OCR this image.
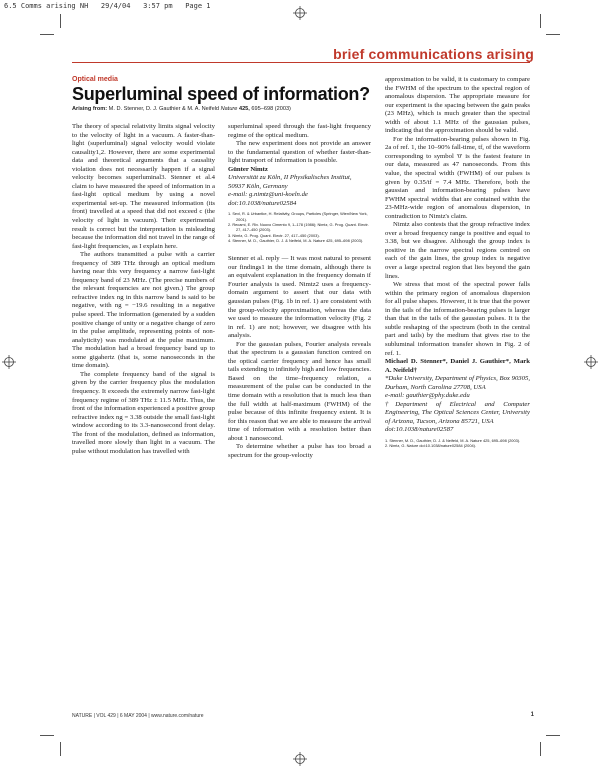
6.5 Comms arising NH   29/4/04   3:57 pm   Page 1
brief communications arising
Optical media
Superluminal speed of information?
Arising from: M. D. Stenner, D. J. Gauthier & M. A. Neifeld Nature 425, 695–698 (2003)

The theory of special relativity limits signal velocity to the velocity of light in a vacuum. A faster-than-light (superluminal) signal velocity would violate causality1,2. However, there are some experimental data and theoretical arguments that a causality violation does not necessarily happen if a signal velocity becomes superluminal3. Stenner et al.4 claim to have measured the speed of information in a fast-light optical medium by using a novel experimental set-up. The measured information (its front) travelled at a speed that did not exceed c (the velocity of light in vacuum). Their experimental result is correct but the interpretation is misleading because the information did not travel in the range of fast-light frequencies, as I explain here.

The authors transmitted a pulse with a carrier frequency of 389 THz through an optical medium having near this very frequency a narrow fast-light frequency band of 23 MHz. (The precise numbers of the relevant frequencies are not given.) The group refractive index ng in this narrow band is said to be negative, with ng = −19.6 resulting in a negative pulse speed. The information (generated by a sudden positive change of unity or a negative change of zero in the pulse amplitude, representing points of non-analyticity) was modulated at the pulse maximum. The modulation had a broad frequency band up to some gigahertz (that is, some nanoseconds in the time domain).

The complete frequency band of the signal is given by the carrier frequency plus the modulation frequency. It exceeds the extremely narrow fast-light frequency regime of 389 THz ± 11.5 MHz. Thus, the front of the information experienced a positive group refractive index ng = 3.38 outside the small fast-light window according to its 3.3-nanosecond front delay. The front of the modulation, defined as information, travelled more slowly than light in a vacuum. The pulse without modulation has travelled with

superluminal speed through the fast-light frequency regime of the optical medium.

The new experiment does not provide an answer to the fundamental question of whether faster-than-light transport of information is possible.

Günter Nimtz

Universität zu Köln, II Physikalisches Institut,

50937 Köln, Germany

e-mail: g.nimtz@uni-koeln.de

doi:10.1038/nature02584

1. Sexl, R. & Urbantke, H. Relativity, Groups, Particles (Springer, Wien/New York, 2001).
2. Recami, E. Riv. Nuovo Cimento 9, 1–178 (1986); Nimtz, G. Prog. Quant. Electr. 27, 417–450 (2003).
3. Nimtz, G. Prog. Quant. Electr. 27, 417–450 (2003).
4. Stenner, M. D., Gauthier, D. J. & Neifeld, M. A. Nature 425, 695–698 (2003).

Stenner et al. reply — It was most natural to present our findings1 in the time domain, although there is an equivalent explanation in the frequency domain if Fourier analysis is used. Nimtz2 uses a frequency-domain argument to assert that our data with gaussian pulses (Fig. 1b in ref. 1) are consistent with the group-velocity approximation, whereas the data we used to measure the information velocity (Fig. 2 in ref. 1) are not; however, we disagree with his analysis.

For the gaussian pulses, Fourier analysis reveals that the spectrum is a gaussian function centred on the optical carrier frequency and hence has small tails extending to infinitely high and low frequencies. Based on the time–frequency relation, a measurement of the pulse can be conducted in the time domain with a resolution that is much less than the full width at half-maximum (FWHM) of the pulse because of this infinite frequency extent. It is for this reason that we are able to measure the arrival time of information with a resolution better than about 1 nanosecond.

To determine whether a pulse has too broad a spectrum for the group-velocity

approximation to be valid, it is customary to compare the FWHM of the spectrum to the spectral region of anomalous dispersion. The appropriate measure for our experiment is the spacing between the gain peaks (23 MHz), which is much greater than the spectral width of about 1.1 MHz of the gaussian pulses, indicating that the approximation should be valid.

For the information-bearing pulses shown in Fig. 2a of ref. 1, the 10–90% fall-time, tf, of the waveform corresponding to symbol '0' is the fastest feature in our data, measured as 47 nanoseconds. From this value, the spectral width (FWHM) of our pulses is given by 0.35/tf = 7.4 MHz. Therefore, both the gaussian and information-bearing pulses have FWHM spectral widths that are contained within the 23-MHz-wide region of anomalous dispersion, in contradiction to Nimtz's claim.

Nimtz also contests that the group refractive index over a broad frequency range is positive and equal to 3.38, but we disagree. Although the group index is positive in the narrow spectral regions centred on each of the gain lines, the group index is negative over a large spectral region that lies beyond the gain lines.

We stress that most of the spectral power falls within the primary region of anomalous dispersion for all pulse shapes. However, it is true that the power in the tails of the information-bearing pulses is larger than that in the tails of the gaussian pulses. It is the subtle reshaping of the spectrum (both in the central part and tails) by the medium that gives rise to the subluminal information transfer shown in Fig. 2 of ref. 1.

Michael D. Stenner*, Daniel J. Gauthier*, Mark A. Neifeld†

*Duke University, Department of Physics, Box 90305, Durham, North Carolina 27708, USA

e-mail: gauthier@phy.duke.edu

†Department of Electrical and Computer Engineering, The Optical Sciences Center, University of Arizona, Tucson, Arizona 85721, USA

doi:10.1038/nature02587

1. Stenner, M. D., Gauthier, D. J. & Neifeld, M. A. Nature 425, 695–698 (2003).
2. Nimtz, G. Nature doi:10.1038/nature02584 (2004).
NATURE | VOL 429 | 6 MAY 2004 | www.nature.com/nature	1
